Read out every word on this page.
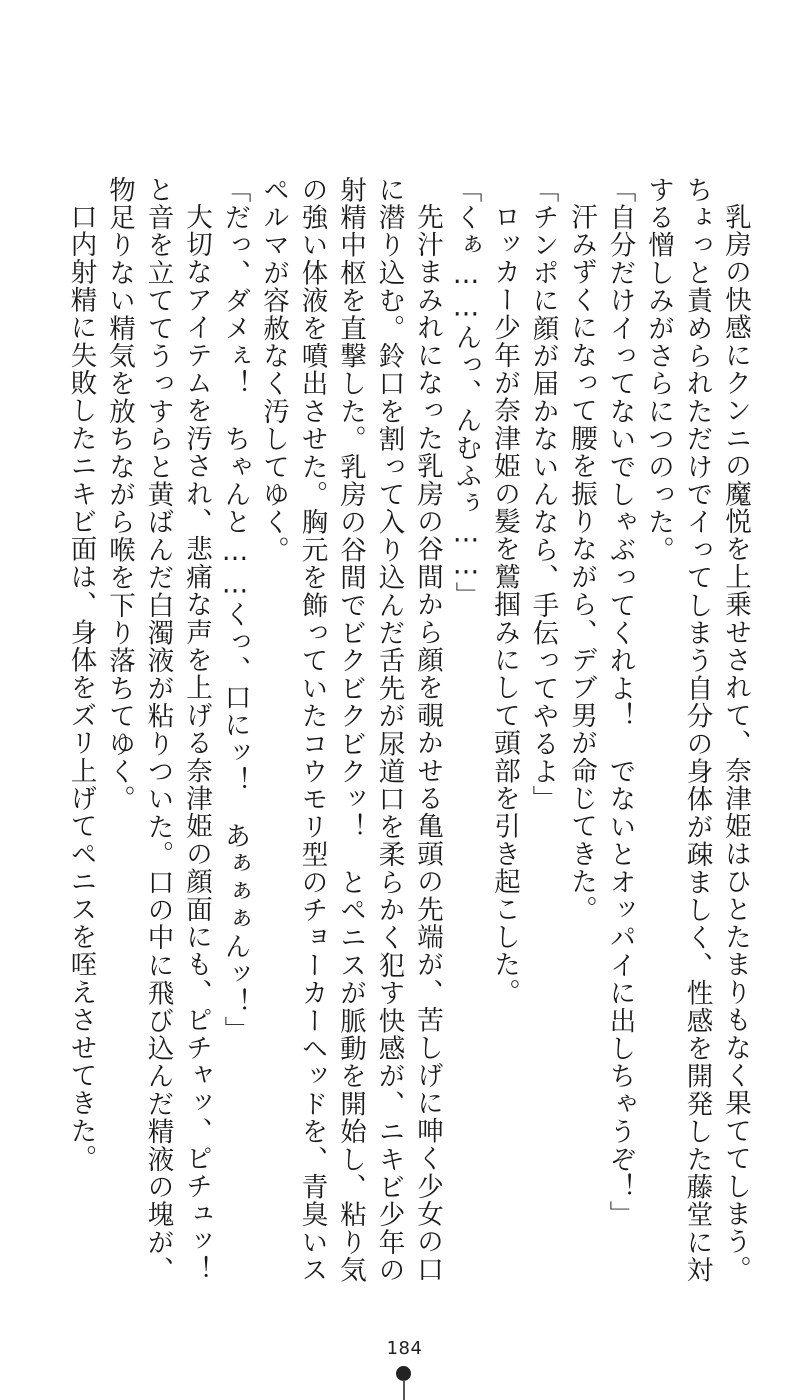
乳房の快感にクンニの魔悦を上乗せされて、奈津姫はひとたまりもなく果ててしまう。
ちょっと責められただけでイってしまう自分の身体が疎ましく、性感を開発した藤堂に対
する憎しみがさらにつのった。
「自分だけイってないでしゃぶってくれよ！　でないとオッパイに出しちゃうぞ！」
汗みずくになって腰を振りながら、デブ男が命じてきた。
「チンポに顔が届かないんなら、手伝ってやるよ」
ロッカー少年が奈津姫の髪を鷲掴みにして頭部を引き起こした。
「くぁ……んっ、んむふぅ……」
先汁まみれになった乳房の谷間から顔を覗かせる亀頭の先端が、苦しげに呻く少女の口
に潜り込む。鈴口を割って入り込んだ舌先が尿道口を柔らかく犯す快感が、ニキビ少年の
射精中枢を直撃した。乳房の谷間でビクビクビクッ！　とペニスが脈動を開始し、粘り気
の強い体液を噴出させた。胸元を飾っていたコウモリ型のチョーカーヘッドを、青臭いス
ペルマが容赦なく汚してゆく。
「だっ、ダメぇ！　ちゃんと……くっ、口にッ！　あぁぁぁんッ！」
大切なアイテムを汚され、悲痛な声を上げる奈津姫の顔面にも、ピチャッ、ピチュッ！
と音を立ててうっすらと黄ばんだ白濁液が粘りついた。口の中に飛び込んだ精液の塊が、
物足りない精気を放ちながら喉を下り落ちてゆく。
口内射精に失敗したニキビ面は、身体をズリ上げてペニスを咥えさせてきた。
184
